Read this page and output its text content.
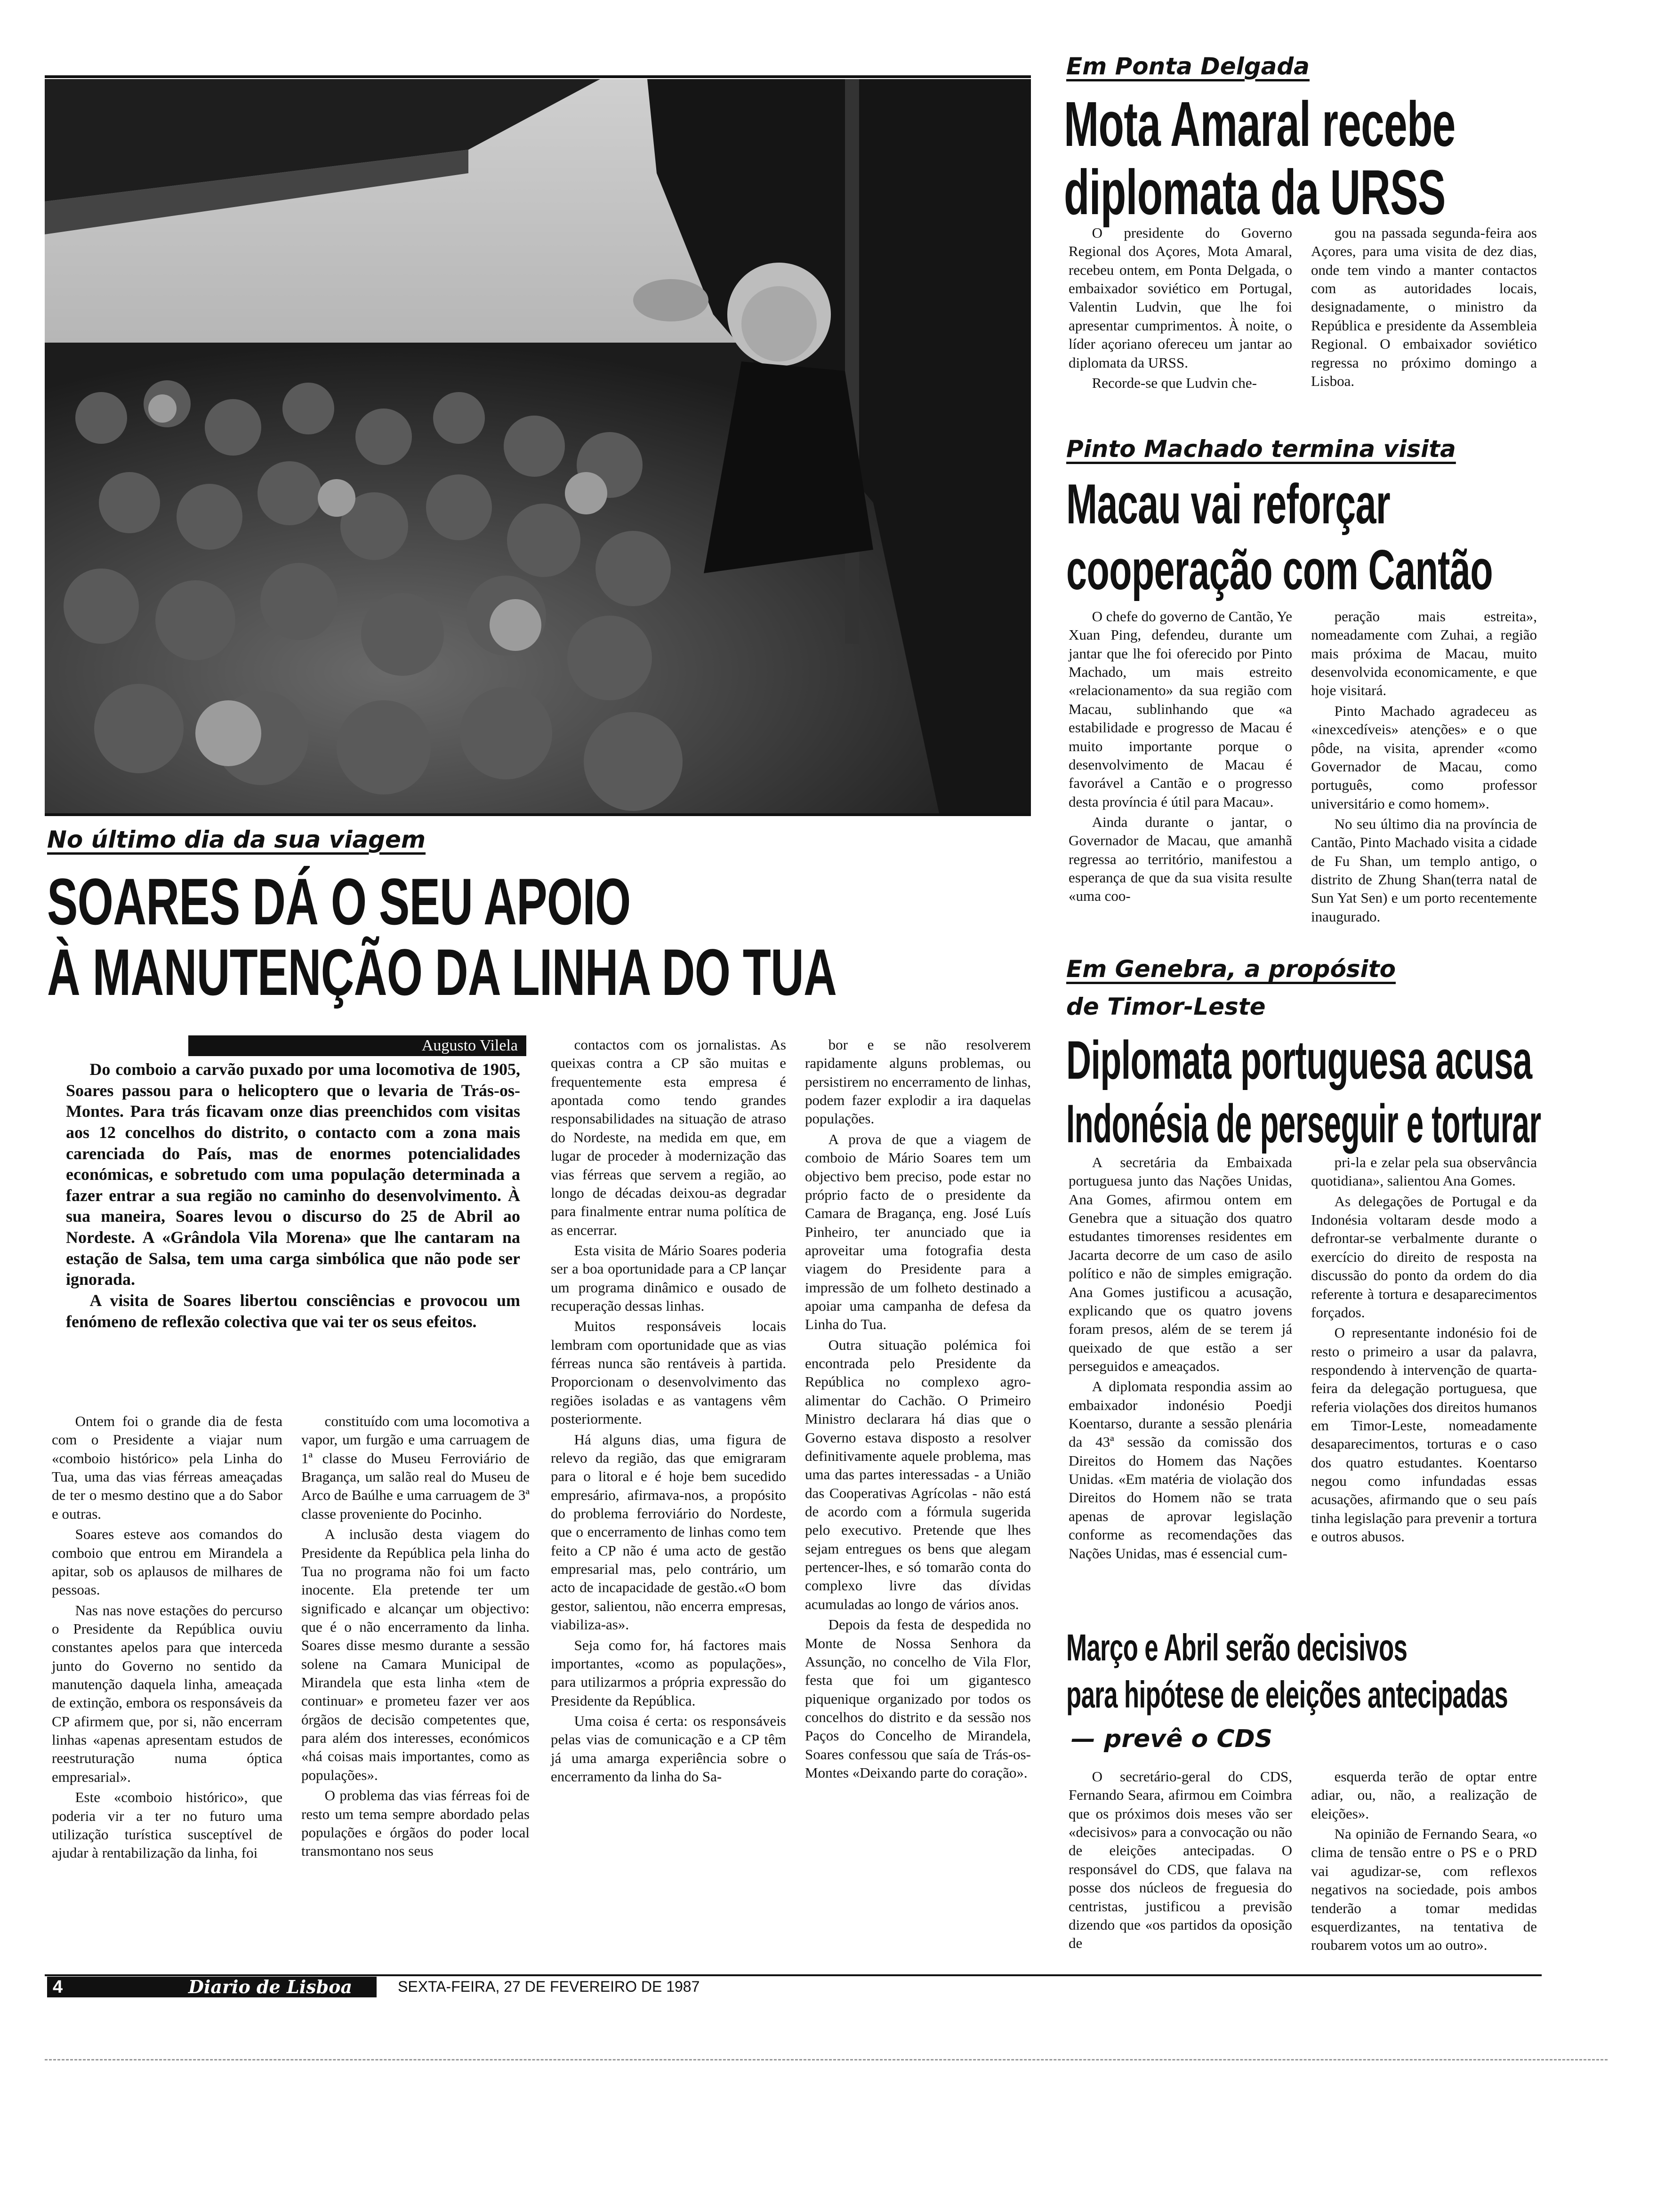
No último dia da sua viagem
SOARES DÁ O SEU APOIO
À MANUTENÇÃO DA LINHA DO TUA
Augusto Vilela

Do comboio a carvão puxado por uma locomotiva de 1905, Soares passou para o helicoptero que o levaria de Trás-os-Montes. Para trás ficavam onze dias preenchidos com visitas aos 12 concelhos do distrito, o contacto com a zona mais carenciada do País, mas de enormes potencialidades económicas, e sobretudo com uma população determinada a fazer entrar a sua região no caminho do desenvolvimento. À sua maneira, Soares levou o discurso do 25 de Abril ao Nordeste. A «Grândola Vila Morena» que lhe cantaram na estação de Salsa, tem uma carga simbólica que não pode ser ignorada.

A visita de Soares libertou consciências e provocou um fenómeno de reflexão colectiva que vai ter os seus efeitos.

Ontem foi o grande dia de festa com o Presidente a viajar num «comboio histórico» pela Linha do Tua, uma das vias férreas ameaçadas de ter o mesmo destino que a do Sabor e outras.

Soares esteve aos comandos do comboio que entrou em Mirandela a apitar, sob os aplausos de milhares de pessoas.

Nas nas nove estações do percurso o Presidente da República ouviu constantes apelos para que interceda junto do Governo no sentido da manutenção daquela linha, ameaçada de extinção, embora os responsáveis da CP afirmem que, por si, não encerram linhas «apenas apresentam estudos de reestruturação numa óptica empresarial».

Este «comboio histórico», que poderia vir a ter no futuro uma utilização turística susceptível de ajudar à rentabilização da linha, foi

constituído com uma locomotiva a vapor, um furgão e uma carruagem de 1ª classe do Museu Ferroviário de Bragança, um salão real do Museu de Arco de Baúlhe e uma carruagem de 3ª classe proveniente do Pocinho.

A inclusão desta viagem do Presidente da República pela linha do Tua no programa não foi um facto inocente. Ela pretende ter um significado e alcançar um objectivo: que é o não encerramento da linha. Soares disse mesmo durante a sessão solene na Camara Municipal de Mirandela que esta linha «tem de continuar» e prometeu fazer ver aos órgãos de decisão competentes que, para além dos interesses, económicos «há coisas mais importantes, como as populações».

O problema das vias férreas foi de resto um tema sempre abordado pelas populações e órgãos do poder local transmontano nos seus

contactos com os jornalistas. As queixas contra a CP são muitas e frequentemente esta empresa é apontada como tendo grandes responsabilidades na situação de atraso do Nordeste, na medida em que, em lugar de proceder à modernização das vias férreas que servem a região, ao longo de décadas deixou-as degradar para finalmente entrar numa política de as encerrar.

Esta visita de Mário Soares poderia ser a boa oportunidade para a CP lançar um programa dinâmico e ousado de recuperação dessas linhas.

Muitos responsáveis locais lembram com oportunidade que as vias férreas nunca são rentáveis à partida. Proporcionam o desenvolvimento das regiões isoladas e as vantagens vêm posteriormente.

Há alguns dias, uma figura de relevo da região, das que emigraram para o litoral e é hoje bem sucedido empresário, afirmava-nos, a propósito do problema ferroviário do Nordeste, que o encerramento de linhas como tem feito a CP não é uma acto de gestão empresarial mas, pelo contrário, um acto de incapacidade de gestão.«O bom gestor, salientou, não encerra empresas, viabiliza-as».

Seja como for, há factores mais importantes, «como as populações», para utilizarmos a própria expressão do Presidente da República.

Uma coisa é certa: os responsáveis pelas vias de comunicação e a CP têm já uma amarga experiência sobre o encerramento da linha do Sa-

bor e se não resolverem rapidamente alguns problemas, ou persistirem no encerramento de linhas, podem fazer explodir a ira daquelas populações.

A prova de que a viagem de comboio de Mário Soares tem um objectivo bem preciso, pode estar no próprio facto de o presidente da Camara de Bragança, eng. José Luís Pinheiro, ter anunciado que ia aproveitar uma fotografia desta viagem do Presidente para a impressão de um folheto destinado a apoiar uma campanha de defesa da Linha do Tua.

Outra situação polémica foi encontrada pelo Presidente da República no complexo agro-alimentar do Cachão. O Primeiro Ministro declarara há dias que o Governo estava disposto a resolver definitivamente aquele problema, mas uma das partes interessadas - a União das Cooperativas Agrícolas - não está de acordo com a fórmula sugerida pelo executivo. Pretende que lhes sejam entregues os bens que alegam pertencer-lhes, e só tomarão conta do complexo livre das dívidas acumuladas ao longo de vários anos.

Depois da festa de despedida no Monte de Nossa Senhora da Assunção, no concelho de Vila Flor, festa que foi um gigantesco piquenique organizado por todos os concelhos do distrito e da sessão nos Paços do Concelho de Mirandela, Soares confessou que saía de Trás-os-Montes «Deixando parte do coração».

Em Ponta Delgada
Mota Amaral recebe
diplomata da URSS

O presidente do Governo Regional dos Açores, Mota Amaral, recebeu ontem, em Ponta Delgada, o embaixador soviético em Portugal, Valentin Ludvin, que lhe foi apresentar cumprimentos. À noite, o líder açoriano ofereceu um jantar ao diplomata da URSS.

Recorde-se que Ludvin che-

gou na passada segunda-feira aos Açores, para uma visita de dez dias, onde tem vindo a manter contactos com as autoridades locais, designadamente, o ministro da República e presidente da Assembleia Regional. O embaixador soviético regressa no próximo domingo a Lisboa.

Pinto Machado termina visita
Macau vai reforçar
cooperação com Cantão

O chefe do governo de Cantão, Ye Xuan Ping, defendeu, durante um jantar que lhe foi oferecido por Pinto Machado, um mais estreito «relacionamento» da sua região com Macau, sublinhando que «a estabilidade e progresso de Macau é muito importante porque o desenvolvimento de Macau é favorável a Cantão e o progresso desta província é útil para Macau».

Ainda durante o jantar, o Governador de Macau, que amanhã regressa ao território, manifestou a esperança de que da sua visita resulte «uma coo-

peração mais estreita», nomeadamente com Zuhai, a região mais próxima de Macau, muito desenvolvida economicamente, e que hoje visitará.

Pinto Machado agradeceu as «inexcedíveis» atenções» e o que pôde, na visita, aprender «como Governador de Macau, como português, como professor universitário e como homem».

No seu último dia na província de Cantão, Pinto Machado visita a cidade de Fu Shan, um templo antigo, o distrito de Zhung Shan(terra natal de Sun Yat Sen) e um porto recentemente inaugurado.

Em Genebra, a propósito
de Timor-Leste
Diplomata portuguesa acusa
Indonésia de perseguir e torturar

A secretária da Embaixada portuguesa junto das Nações Unidas, Ana Gomes, afirmou ontem em Genebra que a situação dos quatro estudantes timorenses residentes em Jacarta decorre de um caso de asilo político e não de simples emigração. Ana Gomes justificou a acusação, explicando que os quatro jovens foram presos, além de se terem já queixado de que estão a ser perseguidos e ameaçados.

A diplomata respondia assim ao embaixador indonésio Poedji Koentarso, durante a sessão plenária da 43ª sessão da comissão dos Direitos do Homem das Nações Unidas. «Em matéria de violação dos Direitos do Homem não se trata apenas de aprovar legislação conforme as recomendações das Nações Unidas, mas é essencial cum-

pri-la e zelar pela sua observância quotidiana», salientou Ana Gomes.

As delegações de Portugal e da Indonésia voltaram desde modo a defrontar-se verbalmente durante o exercício do direito de resposta na discussão do ponto da ordem do dia referente à tortura e desaparecimentos forçados.

O representante indonésio foi de resto o primeiro a usar da palavra, respondendo à intervenção de quarta-feira da delegação portuguesa, que referia violações dos direitos humanos em Timor-Leste, nomeadamente desaparecimentos, torturas e o caso dos quatro estudantes. Koentarso negou como infundadas essas acusações, afirmando que o seu país tinha legislação para prevenir a tortura e outros abusos.

Março e Abril serão decisivos
para hipótese de eleições antecipadas
— prevê o CDS

O secretário-geral do CDS, Fernando Seara, afirmou em Coimbra que os próximos dois meses vão ser «decisivos» para a convocação ou não de eleições antecipadas. O responsável do CDS, que falava na posse dos núcleos de freguesia do centristas, justificou a previsão dizendo que «os partidos da oposição de

esquerda terão de optar entre adiar, ou, não, a realização de eleições».

Na opinião de Fernando Seara, «o clima de tensão entre o PS e o PRD vai agudizar-se, com reflexos negativos na sociedade, pois ambos tenderão a tomar medidas esquerdizantes, na tentativa de roubarem votos um ao outro».

4	Diario de Lisboa	SEXTA-FEIRA, 27 DE FEVEREIRO DE 1987
